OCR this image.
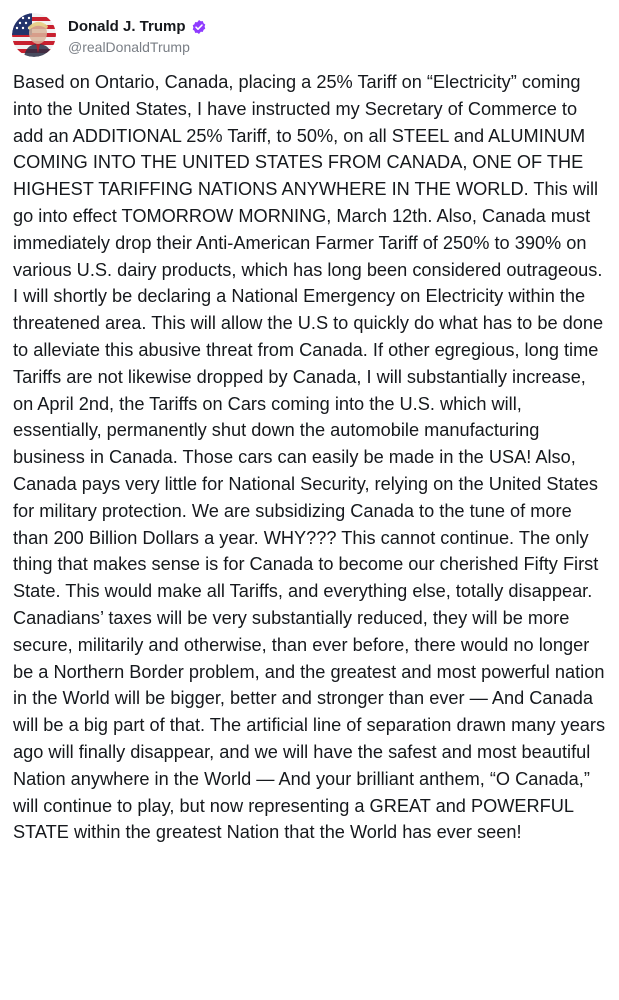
Donald J. Trump
@realDonaldTrump
Based on Ontario, Canada, placing a 25% Tariff on “Electricity” coming into the United States, I have instructed my Secretary of Commerce to add an ADDITIONAL 25% Tariff, to 50%, on all STEEL and ALUMINUM COMING INTO THE UNITED STATES FROM CANADA, ONE OF THE HIGHEST TARIFFING NATIONS ANYWHERE IN THE WORLD. This will go into effect TOMORROW MORNING, March 12th. Also, Canada must immediately drop their Anti-American Farmer Tariff of 250% to 390% on various U.S. dairy products, which has long been considered outrageous. I will shortly be declaring a National Emergency on Electricity within the threatened area. This will allow the U.S to quickly do what has to be done to alleviate this abusive threat from Canada. If other egregious, long time Tariffs are not likewise dropped by Canada, I will substantially increase, on April 2nd, the Tariffs on Cars coming into the U.S. which will, essentially, permanently shut down the automobile manufacturing business in Canada. Those cars can easily be made in the USA! Also, Canada pays very little for National Security, relying on the United States for military protection. We are subsidizing Canada to the tune of more than 200 Billion Dollars a year. WHY??? This cannot continue. The only thing that makes sense is for Canada to become our cherished Fifty First State. This would make all Tariffs, and everything else, totally disappear. Canadians’ taxes will be very substantially reduced, they will be more secure, militarily and otherwise, than ever before, there would no longer be a Northern Border problem, and the greatest and most powerful nation in the World will be bigger, better and stronger than ever — And Canada will be a big part of that. The artificial line of separation drawn many years ago will finally disappear, and we will have the safest and most beautiful Nation anywhere in the World — And your brilliant anthem, “O Canada,” will continue to play, but now representing a GREAT and POWERFUL STATE within the greatest Nation that the World has ever seen!
